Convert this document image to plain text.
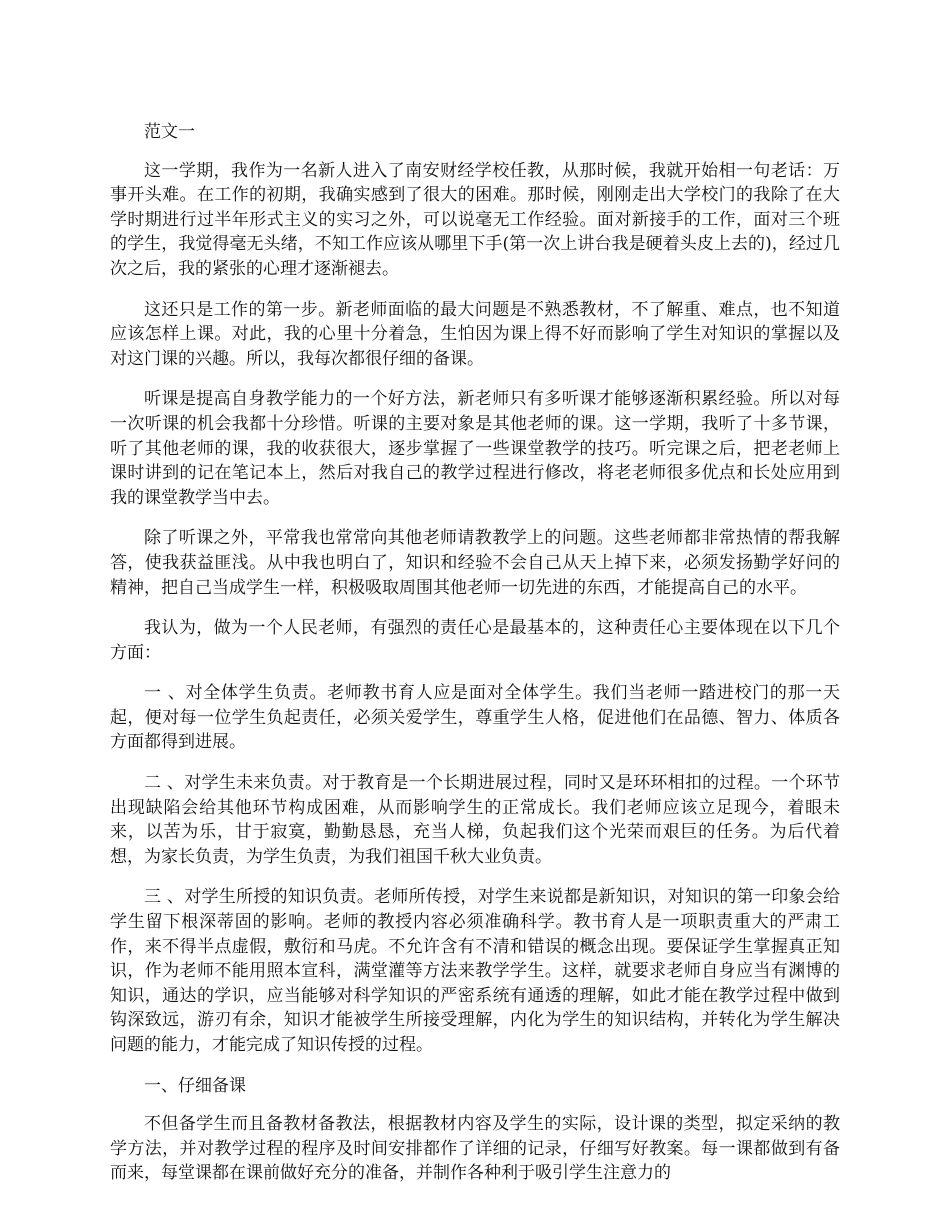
范文一

这一学期，我作为一名新人进入了南安财经学校任教，从那时候，我就开始相一句老话：万事开头难。在工作的初期，我确实感到了很大的困难。那时候，刚刚走出大学校门的我除了在大学时期进行过半年形式主义的实习之外，可以说毫无工作经验。面对新接手的工作，面对三个班的学生，我觉得毫无头绪，不知工作应该从哪里下手(第一次上讲台我是硬着头皮上去的)，经过几次之后，我的紧张的心理才逐渐褪去。

这还只是工作的第一步。新老师面临的最大问题是不熟悉教材，不了解重、难点，也不知道应该怎样上课。对此，我的心里十分着急，生怕因为课上得不好而影响了学生对知识的掌握以及对这门课的兴趣。所以，我每次都很仔细的备课。

听课是提高自身教学能力的一个好方法，新老师只有多听课才能够逐渐积累经验。所以对每一次听课的机会我都十分珍惜。听课的主要对象是其他老师的课。这一学期，我听了十多节课，听了其他老师的课，我的收获很大，逐步掌握了一些课堂教学的技巧。听完课之后，把老老师上课时讲到的记在笔记本上，然后对我自己的教学过程进行修改，将老老师很多优点和长处应用到我的课堂教学当中去。

除了听课之外，平常我也常常向其他老师请教教学上的问题。这些老师都非常热情的帮我解答，使我获益匪浅。从中我也明白了，知识和经验不会自己从天上掉下来，必须发扬勤学好问的精神，把自己当成学生一样，积极吸取周围其他老师一切先进的东西，才能提高自己的水平。

我认为，做为一个人民老师，有强烈的责任心是最基本的，这种责任心主要体现在以下几个方面：

一 、对全体学生负责。老师教书育人应是面对全体学生。我们当老师一踏进校门的那一天起，便对每一位学生负起责任，必须关爱学生，尊重学生人格，促进他们在品德、智力、体质各方面都得到进展。

二 、对学生未来负责。对于教育是一个长期进展过程，同时又是环环相扣的过程。一个环节出现缺陷会给其他环节构成困难，从而影响学生的正常成长。我们老师应该立足现今，着眼未来，以苦为乐，甘于寂寞，勤勤恳恳，充当人梯，负起我们这个光荣而艰巨的任务。为后代着想，为家长负责，为学生负责，为我们祖国千秋大业负责。

三 、对学生所授的知识负责。老师所传授，对学生来说都是新知识，对知识的第一印象会给学生留下根深蒂固的影响。老师的教授内容必须准确科学。教书育人是一项职责重大的严肃工作，来不得半点虚假，敷衍和马虎。不允许含有不清和错误的概念出现。要保证学生掌握真正知识，作为老师不能用照本宣科，满堂灌等方法来教学学生。这样，就要求老师自身应当有渊博的知识，通达的学识，应当能够对科学知识的严密系统有通透的理解，如此才能在教学过程中做到钩深致远，游刃有余，知识才能被学生所接受理解，内化为学生的知识结构，并转化为学生解决问题的能力，才能完成了知识传授的过程。

一、仔细备课

不但备学生而且备教材备教法，根据教材内容及学生的实际，设计课的类型，拟定采纳的教学方法，并对教学过程的程序及时间安排都作了详细的记录，仔细写好教案。每一课都做到有备而来，每堂课都在课前做好充分的准备，并制作各种利于吸引学生注意力的
